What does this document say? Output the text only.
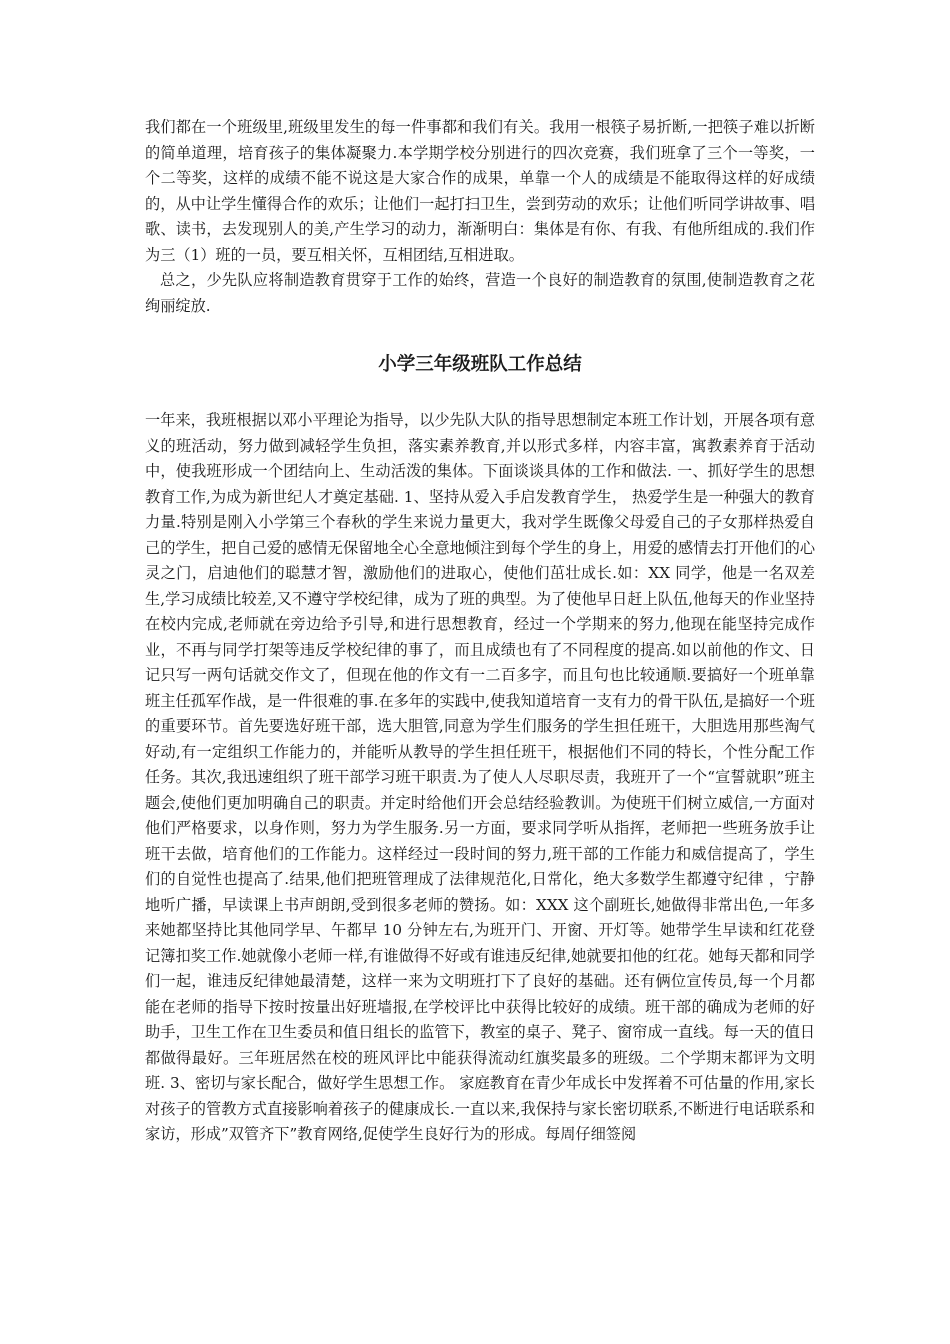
我们都在一个班级里,班级里发生的每一件事都和我们有关。我用一根筷子易折断,一把筷子难以折断的简单道理，培育孩子的集体凝聚力.本学期学校分别进行的四次竞赛，我们班拿了三个一等奖，一个二等奖，这样的成绩不能不说这是大家合作的成果，单靠一个人的成绩是不能取得这样的好成绩的，从中让学生懂得合作的欢乐；让他们一起打扫卫生，尝到劳动的欢乐；让他们听同学讲故事、唱歌、读书，去发现别人的美,产生学习的动力，渐渐明白：集体是有你、有我、有他所组成的.我们作为三（1）班的一员，要互相关怀，互相团结,互相进取。

总之，少先队应将制造教育贯穿于工作的始终，营造一个良好的制造教育的氛围,使制造教育之花绚丽绽放.

小学三年级班队工作总结

一年来，我班根据以邓小平理论为指导，以少先队大队的指导思想制定本班工作计划，开展各项有意义的班活动，努力做到减轻学生负担，落实素养教育,并以形式多样，内容丰富，寓教素养育于活动中，使我班形成一个团结向上、生动活泼的集体。下面谈谈具体的工作和做法. 一、抓好学生的思想教育工作,为成为新世纪人才奠定基础. 1、坚持从爱入手启发教育学生， 热爱学生是一种强大的教育力量.特别是刚入小学第三个春秋的学生来说力量更大，我对学生既像父母爱自己的子女那样热爱自己的学生，把自己爱的感情无保留地全心全意地倾注到每个学生的身上，用爱的感情去打开他们的心灵之门，启迪他们的聪慧才智，激励他们的进取心，使他们茁壮成长.如：XX 同学，他是一名双差生,学习成绩比较差,又不遵守学校纪律，成为了班的典型。为了使他早日赶上队伍,他每天的作业坚持在校内完成,老师就在旁边给予引导,和进行思想教育，经过一个学期来的努力,他现在能坚持完成作业，不再与同学打架等违反学校纪律的事了，而且成绩也有了不同程度的提高.如以前他的作文、日记只写一两句话就交作文了，但现在他的作文有一二百多字，而且句也比较通顺.要搞好一个班单靠班主任孤军作战，是一件很难的事.在多年的实践中,使我知道培育一支有力的骨干队伍,是搞好一个班的重要环节。首先要选好班干部，选大胆管,同意为学生们服务的学生担任班干，大胆选用那些淘气好动,有一定组织工作能力的，并能听从教导的学生担任班干，根据他们不同的特长，个性分配工作任务。其次,我迅速组织了班干部学习班干职责.为了使人人尽职尽责，我班开了一个“宣誓就职”班主题会,使他们更加明确自己的职责。并定时给他们开会总结经验教训。为使班干们树立威信,一方面对他们严格要求，以身作则，努力为学生服务.另一方面，要求同学听从指挥，老师把一些班务放手让班干去做，培育他们的工作能力。这样经过一段时间的努力,班干部的工作能力和威信提高了，学生们的自觉性也提高了.结果,他们把班管理成了法律规范化,日常化，绝大多数学生都遵守纪律 ，宁静地听广播，早读课上书声朗朗,受到很多老师的赞扬。如：XXX 这个副班长,她做得非常出色,一年多来她都坚持比其他同学早、午都早 10 分钟左右,为班开门、开窗、开灯等。她带学生早读和红花登记簿扣奖工作.她就像小老师一样,有谁做得不好或有谁违反纪律,她就要扣他的红花。她每天都和同学们一起，谁违反纪律她最清楚，这样一来为文明班打下了良好的基础。还有俩位宣传员,每一个月都能在老师的指导下按时按量出好班墙报,在学校评比中获得比较好的成绩。班干部的确成为老师的好助手，卫生工作在卫生委员和值日组长的监管下，教室的桌子、凳子、窗帘成一直线。每一天的值日都做得最好。三年班居然在校的班风评比中能获得流动红旗奖最多的班级。二个学期末都评为文明班. 3、密切与家长配合，做好学生思想工作。 家庭教育在青少年成长中发挥着不可估量的作用,家长对孩子的管教方式直接影响着孩子的健康成长.一直以来,我保持与家长密切联系,不断进行电话联系和家访，形成”双管齐下”教育网络,促使学生良好行为的形成。每周仔细签阅
